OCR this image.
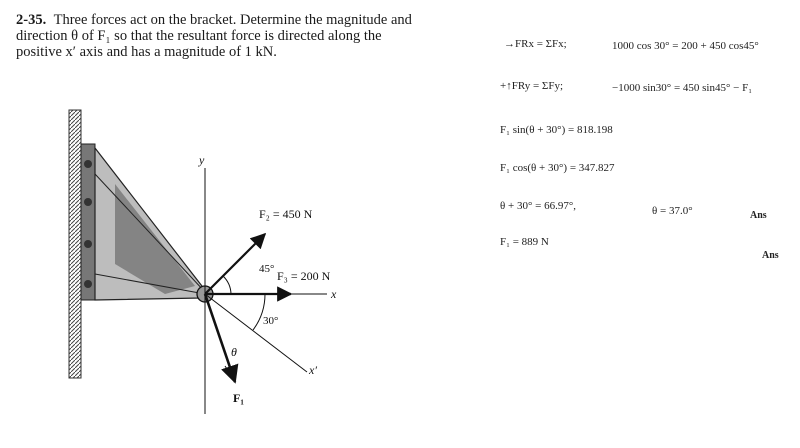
2-35. Three forces act on the bracket. Determine the magnitude and direction θ of F₁ so that the resultant force is directed along the positive x′ axis and has a magnitude of 1 kN.
y
x
x′
F₂ = 450 N
F₃ = 200 N
F₁
45°
30°
θ
→FRx = ΣFx;	1000 cos 30° = 200 + 450 cos45°
+↑FRy = ΣFy;	−1000 sin30° = 450 sin45° − F₁
F₁ sin(θ + 30°) = 818.198
F₁ cos(θ + 30°) = 347.827
θ + 30° = 66.97°,	θ = 37.0°	Ans
F₁ = 889 N
Ans
